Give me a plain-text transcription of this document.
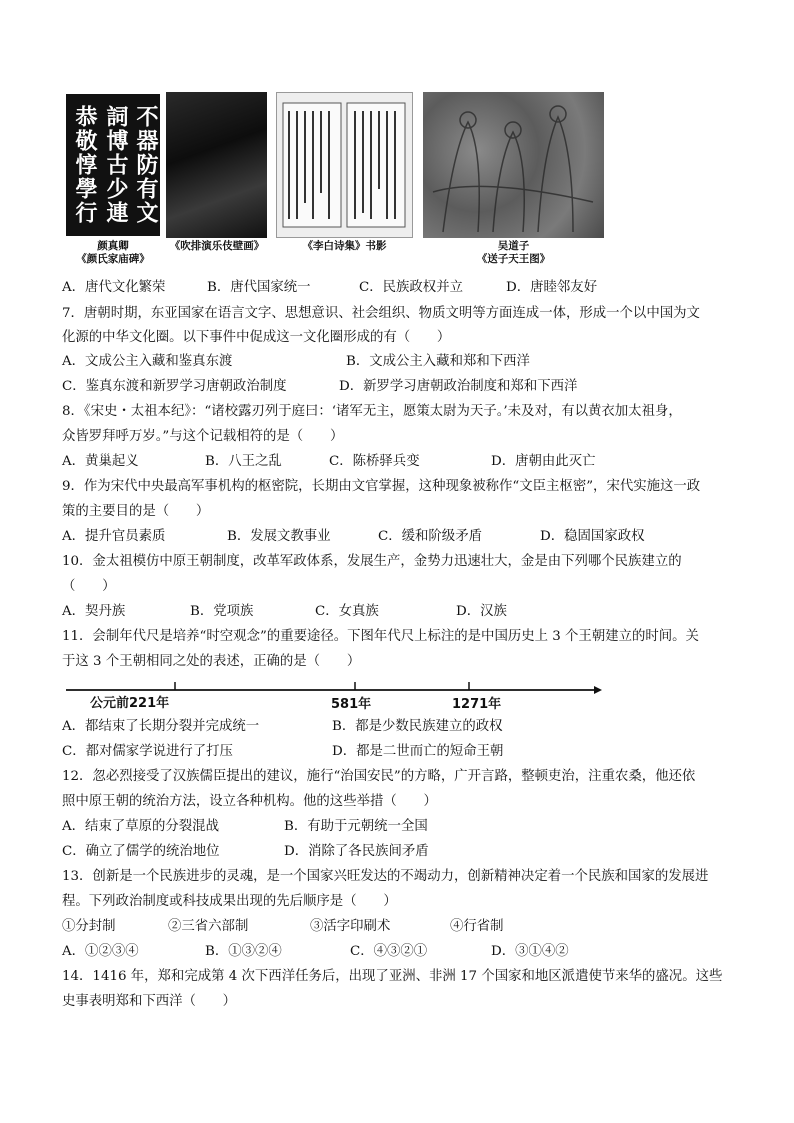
恭敬惇學行 詞博古少連 不器防有文
颜真卿
《颜氏家庙碑》
《吹排演乐伎壁画》	《李白诗集》书影	吴道子
《送子天王图》
A．唐代文化繁荣	B．唐代国家统一	C．民族政权并立	D．唐睦邻友好
7．唐朝时期，东亚国家在语言文字、思想意识、社会组织、物质文明等方面连成一体，形成一个以中国为文
化源的中华文化圈。以下事件中促成这一文化圈形成的有（　　）
A．文成公主入藏和鉴真东渡	B．文成公主入藏和郑和下西洋
C．鉴真东渡和新罗学习唐朝政治制度	D．新罗学习唐朝政治制度和郑和下西洋
8．《宋史・太祖本纪》：“诸校露刃列于庭曰：‘诸军无主，愿策太尉为天子。’未及对，有以黄衣加太祖身，
众皆罗拜呼万岁。”与这个记载相符的是（　　）
A．黄巢起义	B．八王之乱	C．陈桥驿兵变	D．唐朝由此灭亡
9．作为宋代中央最高军事机构的枢密院，长期由文官掌握，这种现象被称作“文臣主枢密”，宋代实施这一政
策的主要目的是（　　）
A．提升官员素质	B．发展文教事业	C．缓和阶级矛盾	D．稳固国家政权
10．金太祖模仿中原王朝制度，改革军政体系，发展生产，金势力迅速壮大，金是由下列哪个民族建立的
（　　）
A．契丹族	B．党项族	C．女真族	D．汉族
11．会制年代尺是培养“时空观念”的重要途径。下图年代尺上标注的是中国历史上 3 个王朝建立的时间。关
于这 3 个王朝相同之处的表述，正确的是（　　）
公元前221年	581年	1271年
A．都结束了长期分裂并完成统一	B．都是少数民族建立的政权
C．都对儒家学说进行了打压	D．都是二世而亡的短命王朝
12．忽必烈接受了汉族儒臣提出的建议，施行“治国安民”的方略，广开言路，整顿吏治，注重农桑，他还依
照中原王朝的统治方法，设立各种机构。他的这些举措（　　）
A．结束了草原的分裂混战	B．有助于元朝统一全国
C．确立了儒学的统治地位	D．消除了各民族间矛盾
13．创新是一个民族进步的灵魂，是一个国家兴旺发达的不竭动力，创新精神决定着一个民族和国家的发展进
程。下列政治制度或科技成果出现的先后顺序是（　　）
①分封制	②三省六部制	③活字印刷术	④行省制
A．①②③④	B．①③②④	C．④③②①	D．③①④②
14．1416 年，郑和完成第 4 次下西洋任务后，出现了亚洲、非洲 17 个国家和地区派遣使节来华的盛况。这些
史事表明郑和下西洋（　　）
